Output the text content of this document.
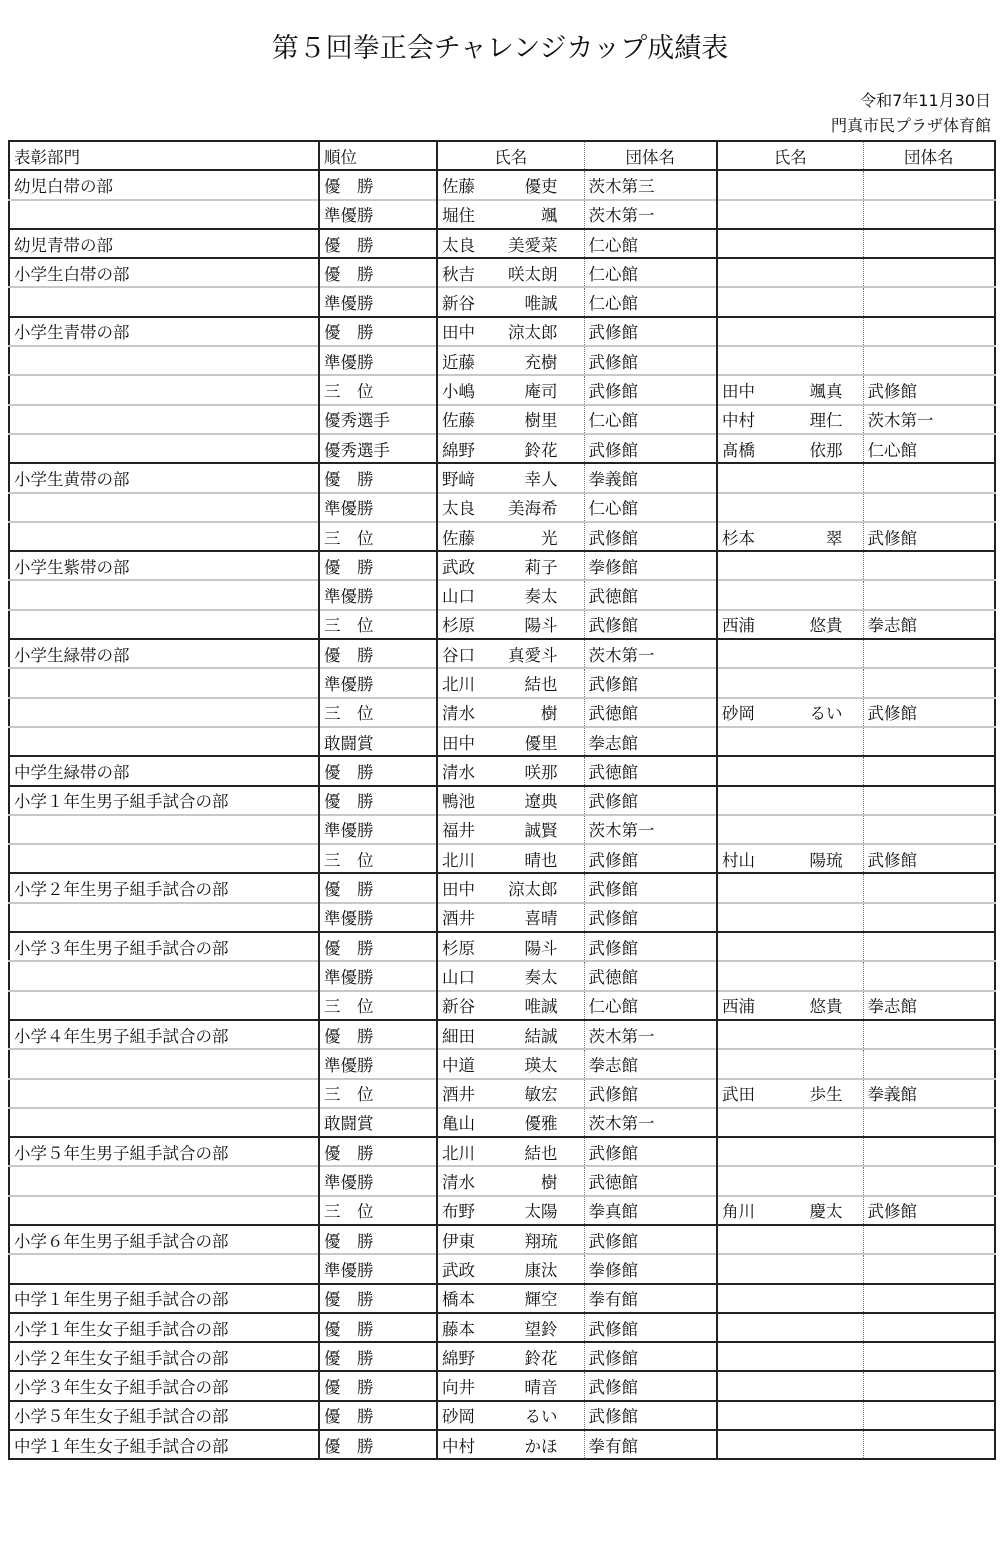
第５回拳正会チャレンジカップ成績表
令和7年11月30日
門真市民プラザ体育館
表彰部門	順位	氏名	団体名	氏名	団体名
幼児白帯の部	優　勝	佐藤 優吏	茨木第三	

	準優勝	堀住 颯	茨木第一	

幼児青帯の部	優　勝	太良 美愛菜	仁心館	

小学生白帯の部	優　勝	秋吉 咲太朗	仁心館	

	準優勝	新谷 唯誠	仁心館	

小学生青帯の部	優　勝	田中 涼太郎	武修館	

	準優勝	近藤 充樹	武修館	

	三　位	小嶋 庵司	武修館	田中 颯真	武修館
	優秀選手	佐藤 樹里	仁心館	中村 理仁	茨木第一
	優秀選手	綿野 鈴花	武修館	髙橋 依那	仁心館
小学生黄帯の部	優　勝	野﨑 幸人	拳義館	

	準優勝	太良 美海希	仁心館	

	三　位	佐藤 光	武修館	杉本 翠	武修館
小学生紫帯の部	優　勝	武政 莉子	拳修館	

	準優勝	山口 奏太	武徳館	

	三　位	杉原 陽斗	武修館	西浦 悠貴	拳志館
小学生緑帯の部	優　勝	谷口 真愛斗	茨木第一	

	準優勝	北川 結也	武修館	

	三　位	清水 樹	武徳館	砂岡 るい	武修館
	敢闘賞	田中 優里	拳志館	

中学生緑帯の部	優　勝	清水 咲那	武徳館	

小学１年生男子組手試合の部	優　勝	鴨池 遼典	武修館	

	準優勝	福井 誠賢	茨木第一	

	三　位	北川 晴也	武修館	村山 陽琉	武修館
小学２年生男子組手試合の部	優　勝	田中 涼太郎	武修館	

	準優勝	酒井 喜晴	武修館	

小学３年生男子組手試合の部	優　勝	杉原 陽斗	武修館	

	準優勝	山口 奏太	武徳館	

	三　位	新谷 唯誠	仁心館	西浦 悠貴	拳志館
小学４年生男子組手試合の部	優　勝	細田 結誠	茨木第一	

	準優勝	中道 瑛太	拳志館	

	三　位	酒井 敏宏	武修館	武田 歩生	拳義館
	敢闘賞	亀山 優雅	茨木第一	

小学５年生男子組手試合の部	優　勝	北川 結也	武修館	

	準優勝	清水 樹	武徳館	

	三　位	布野 太陽	拳真館	角川 慶太	武修館
小学６年生男子組手試合の部	優　勝	伊東 翔琉	武修館	

	準優勝	武政 康汰	拳修館	

中学１年生男子組手試合の部	優　勝	橋本 輝空	拳有館	

小学１年生女子組手試合の部	優　勝	藤本 望鈴	武修館	

小学２年生女子組手試合の部	優　勝	綿野 鈴花	武修館	

小学３年生女子組手試合の部	優　勝	向井 晴音	武修館	

小学５年生女子組手試合の部	優　勝	砂岡 るい	武修館	

中学１年生女子組手試合の部	優　勝	中村 かほ	拳有館	
